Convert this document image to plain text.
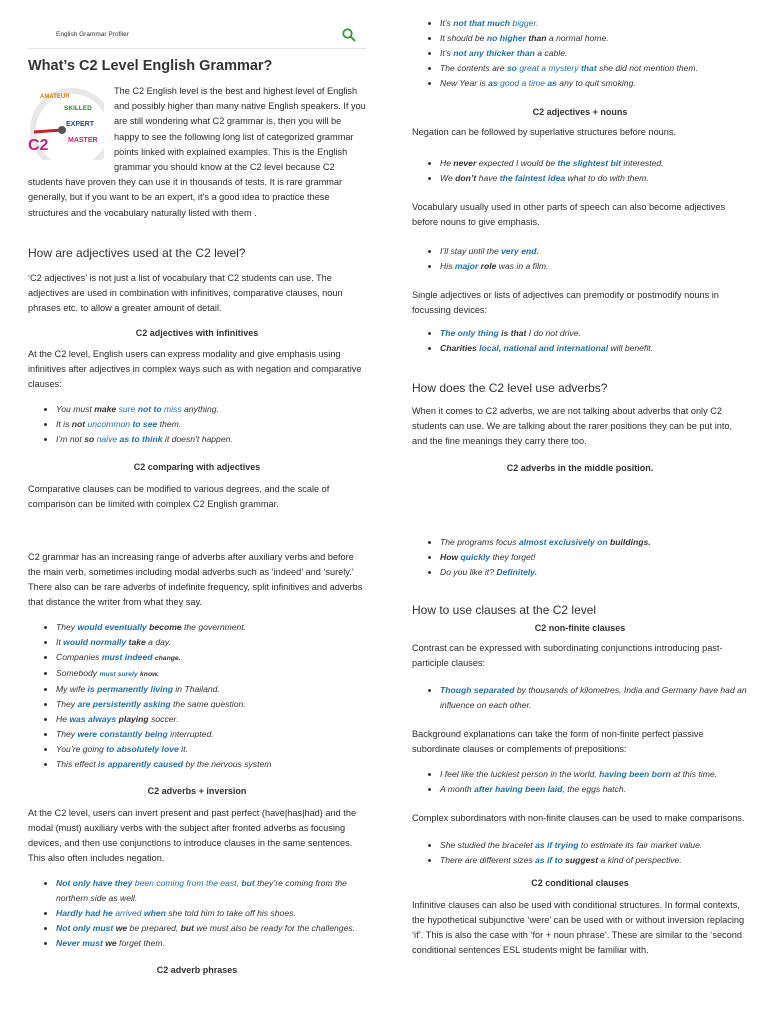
English Grammar Profiler
What’s C2 Level English Grammar?
AMATEUR
SKILLED
EXPERT
C2	MASTER

The C2 English level is the best and highest level of English and possibly higher than many native English speakers. If you are still wondering what C2 grammar is, then you will be happy to see the following long list of categorized grammar points linked with explained examples. This is the English grammar you should know at the C2 level because C2 students have proven they can use it in thousands of tests. It is rare grammar generally, but if you want to be an expert, it’s a good idea to practice these structures and the vocabulary naturally listed with them .

How are adjectives used at the C2 level?

‘C2 adjectives’ is not just a list of vocabulary that C2 students can use. The adjectives are used in combination with infinitives, comparative clauses, noun phrases etc. to allow a greater amount of detail.

C2 adjectives with infinitives

At the C2 level, English users can express modality and give emphasis using infinitives after adjectives in complex ways such as with negation and comparative clauses:

• You must make sure not to miss anything.
• It is not uncommon to see them.
• I’m not so naive as to think it doesn’t happen.
C2 comparing with adjectives

Comparative clauses can be modified to various degrees, and the scale of comparison can be limited with complex C2 English grammar.

C2 grammar has an increasing range of adverbs after auxiliary verbs and before the main verb, sometimes including modal adverbs such as ‘indeed’ and ‘surely.’ There also can be rare adverbs of indefinite frequency, split infinitives and adverbs that distance the writer from what they say.

• They would eventually become the government.
• It would normally take a day.
• Companies must indeed change.
• Somebody must surely know.
• My wife is permanently living in Thailand.
• They are persistently asking the same question.
• He was always playing soccer.
• They were constantly being interrupted.
• You’re going to absolutely love it.
• This effect is apparently caused by the nervous system
C2 adverbs + inversion

At the C2 level, users can invert present and past perfect (have|has|had) and the modal (must) auxiliary verbs with the subject after fronted adverbs as focusing devices, and then use conjunctions to introduce clauses in the same sentences. This also often includes negation.

• Not only have they been coming from the east, but they’re coming from the northern side as well.
• Hardly had he arrived when she told him to take off his shoes.
• Not only must we be prepared, but we must also be ready for the challenges.
• Never must we forget them.
C2 adverb phrases
• It’s not that much bigger.
• It should be no higher than a normal home.
• It’s not any thicker than a cable.
• The contents are so great a mystery that she did not mention them.
• New Year is as good a time as any to quit smoking.
C2 adjectives + nouns

Negation can be followed by superlative structures before nouns.

• He never expected I would be the slightest bit interested.
• We don’t have the faintest idea what to do with them.

Vocabulary usually used in other parts of speech can also become adjectives before nouns to give emphasis.

• I’ll stay until the very end.
• His major role was in a film.

Single adjectives or lists of adjectives can premodify or postmodify nouns in focussing devices:

• The only thing is that I do not drive.
• Charities local, national and international will benefit.
How does the C2 level use adverbs?

When it comes to C2 adverbs, we are not talking about adverbs that only C2 students can use. We are talking about the rarer positions they can be put into, and the fine meanings they carry there too.

C2 adverbs in the middle position.
• The programs focus almost exclusively on buildings.
• How quickly they forget!
• Do you like it? Definitely.
How to use clauses at the C2 level
C2 non-finite clauses

Contrast can be expressed with subordinating conjunctions introducing past-participle clauses:

• Though separated by thousands of kilometres, India and Germany have had an influence on each other.

Background explanations can take the form of non-finite perfect passive subordinate clauses or complements of prepositions:

• I feel like the luckiest person in the world, having been born at this time.
• A month after having been laid, the eggs hatch.

Complex subordinators with non-finite clauses can be used to make comparisons.

• She studied the bracelet as if trying to estimate its fair market value.
• There are different sizes as if to suggest a kind of perspective.
C2 conditional clauses

Infinitive clauses can also be used with conditional structures. In formal contexts, the hypothetical subjunctive ‘were’ can be used with or without inversion replacing ‘if’. This is also the case with ‘for + noun phrase’. These are similar to the ‘second conditional sentences ESL students might be familiar with.
